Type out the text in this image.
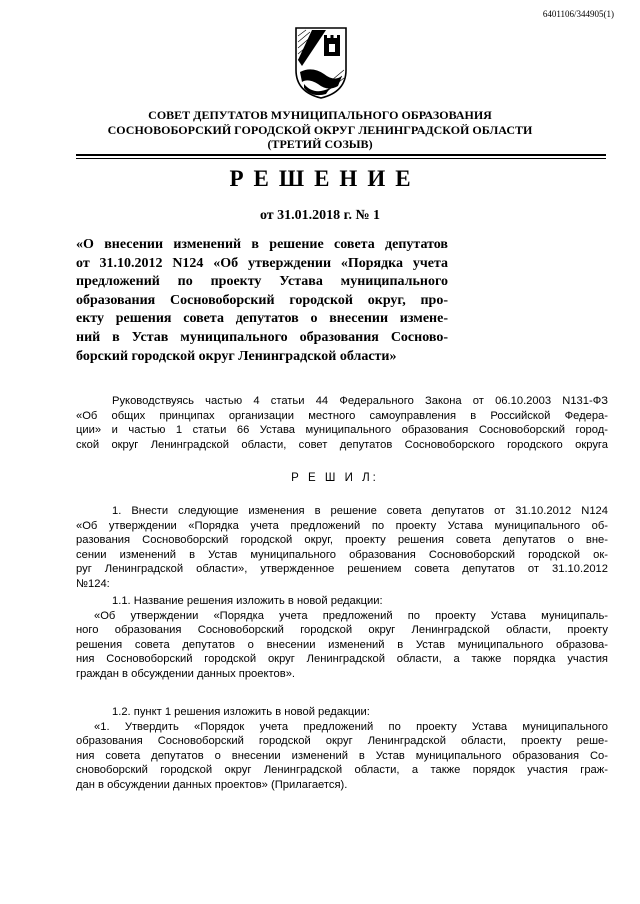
6401106/344905(1)
СОВЕТ ДЕПУТАТОВ МУНИЦИПАЛЬНОГО ОБРАЗОВАНИЯ
СОСНОВОБОРСКИЙ ГОРОДСКОЙ ОКРУГ ЛЕНИНГРАДСКОЙ ОБЛАСТИ
(ТРЕТИЙ СОЗЫВ)
РЕШЕНИЕ
от 31.01.2018 г. № 1
«О внесении изменений в решение совета депутатов
от 31.10.2012 N124 «Об утверждении «Порядка учета
предложений по проекту Устава муниципального
образования Сосновоборский городской округ, про-
екту решения совета депутатов о внесении измене-
ний в Устав муниципального образования Сосново-
борский городской округ Ленинградской области»
Руководствуясь частью 4 статьи 44 Федерального Закона от 06.10.2003 N131-ФЗ
«Об общих принципах организации местного самоуправления в Российской Федера-
ции» и частью 1 статьи 66 Устава муниципального образования Сосновоборский город-
ской округ Ленинградской области, совет депутатов Сосновоборского городского округа
Р Е Ш И Л:
1. Внести следующие изменения в решение совета депутатов от 31.10.2012 N124
«Об утверждении «Порядка учета предложений по проекту Устава муниципального об-
разования Сосновоборский городской округ, проекту решения совета депутатов о вне-
сении изменений в Устав муниципального образования Сосновоборский городской ок-
руг Ленинградской области», утвержденное решением совета депутатов от 31.10.2012
№124:
1.1. Название решения изложить в новой редакции:
«Об утверждении «Порядка учета предложений по проекту Устава муниципаль-
ного образования Сосновоборский городской округ Ленинградской области, проекту
решения совета депутатов о внесении изменений в Устав муниципального образова-
ния Сосновоборский городской округ Ленинградской области, а также порядка участия
граждан в обсуждении данных проектов».
1.2. пункт 1 решения изложить в новой редакции:
«1. Утвердить «Порядок учета предложений по проекту Устава муниципального
образования Сосновоборский городской округ Ленинградской области, проекту реше-
ния совета депутатов о внесении изменений в Устав муниципального образования Со-
сновоборский городской округ Ленинградской области, а также порядок участия граж-
дан в обсуждении данных проектов» (Прилагается).
